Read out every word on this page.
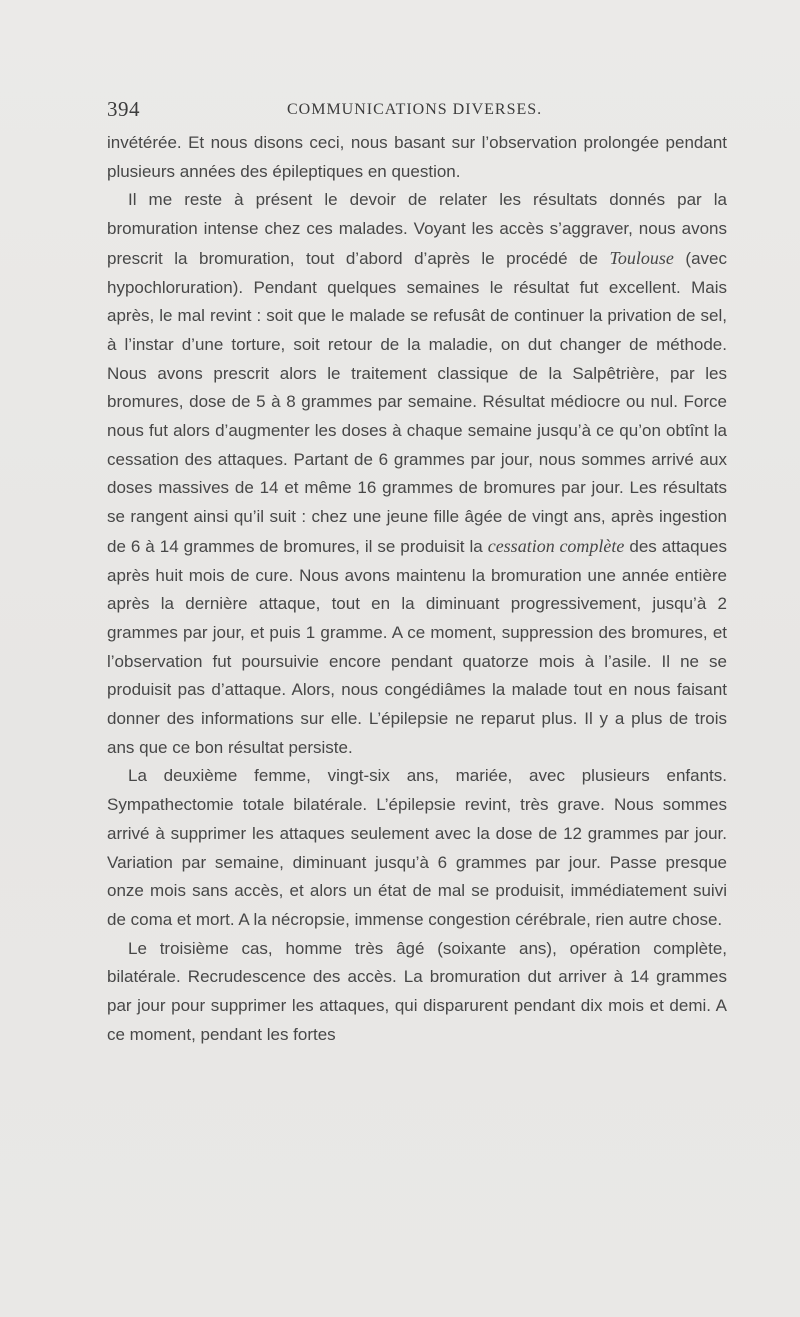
394	COMMUNICATIONS DIVERSES.

invétérée. Et nous disons ceci, nous basant sur l’observation prolongée pendant plusieurs années des épileptiques en question.

Il me reste à présent le devoir de relater les résultats donnés par la bromuration intense chez ces malades. Voyant les accès s’aggraver, nous avons prescrit la bromuration, tout d’abord d’après le procédé de Toulouse (avec hypochloruration). Pendant quelques semaines le résultat fut excellent. Mais après, le mal revint : soit que le malade se refusât de continuer la privation de sel, à l’instar d’une torture, soit retour de la maladie, on dut changer de méthode. Nous avons prescrit alors le traitement classique de la Salpêtrière, par les bromures, dose de 5 à 8 grammes par semaine. Résultat médiocre ou nul. Force nous fut alors d’augmenter les doses à chaque semaine jusqu’à ce qu’on obtînt la cessation des attaques. Partant de 6 grammes par jour, nous sommes arrivé aux doses massives de 14 et même 16 grammes de bromures par jour. Les résultats se rangent ainsi qu’il suit : chez une jeune fille âgée de vingt ans, après ingestion de 6 à 14 grammes de bromures, il se produisit la cessation complète des attaques après huit mois de cure. Nous avons maintenu la bromuration une année entière après la dernière attaque, tout en la diminuant progressivement, jusqu’à 2 grammes par jour, et puis 1 gramme. A ce moment, suppression des bromures, et l’observation fut poursuivie encore pendant quatorze mois à l’asile. Il ne se produisit pas d’attaque. Alors, nous congédiâmes la malade tout en nous faisant donner des informations sur elle. L’épilepsie ne reparut plus. Il y a plus de trois ans que ce bon résultat persiste.

La deuxième femme, vingt-six ans, mariée, avec plusieurs enfants. Sympathectomie totale bilatérale. L’épilepsie revint, très grave. Nous sommes arrivé à supprimer les attaques seulement avec la dose de 12 grammes par jour. Variation par semaine, diminuant jusqu’à 6 grammes par jour. Passe presque onze mois sans accès, et alors un état de mal se produisit, immédiatement suivi de coma et mort. A la nécropsie, immense congestion cérébrale, rien autre chose.

Le troisième cas, homme très âgé (soixante ans), opération complète, bilatérale. Recrudescence des accès. La bromuration dut arriver à 14 grammes par jour pour supprimer les attaques, qui disparurent pendant dix mois et demi. A ce moment, pendant les fortes
